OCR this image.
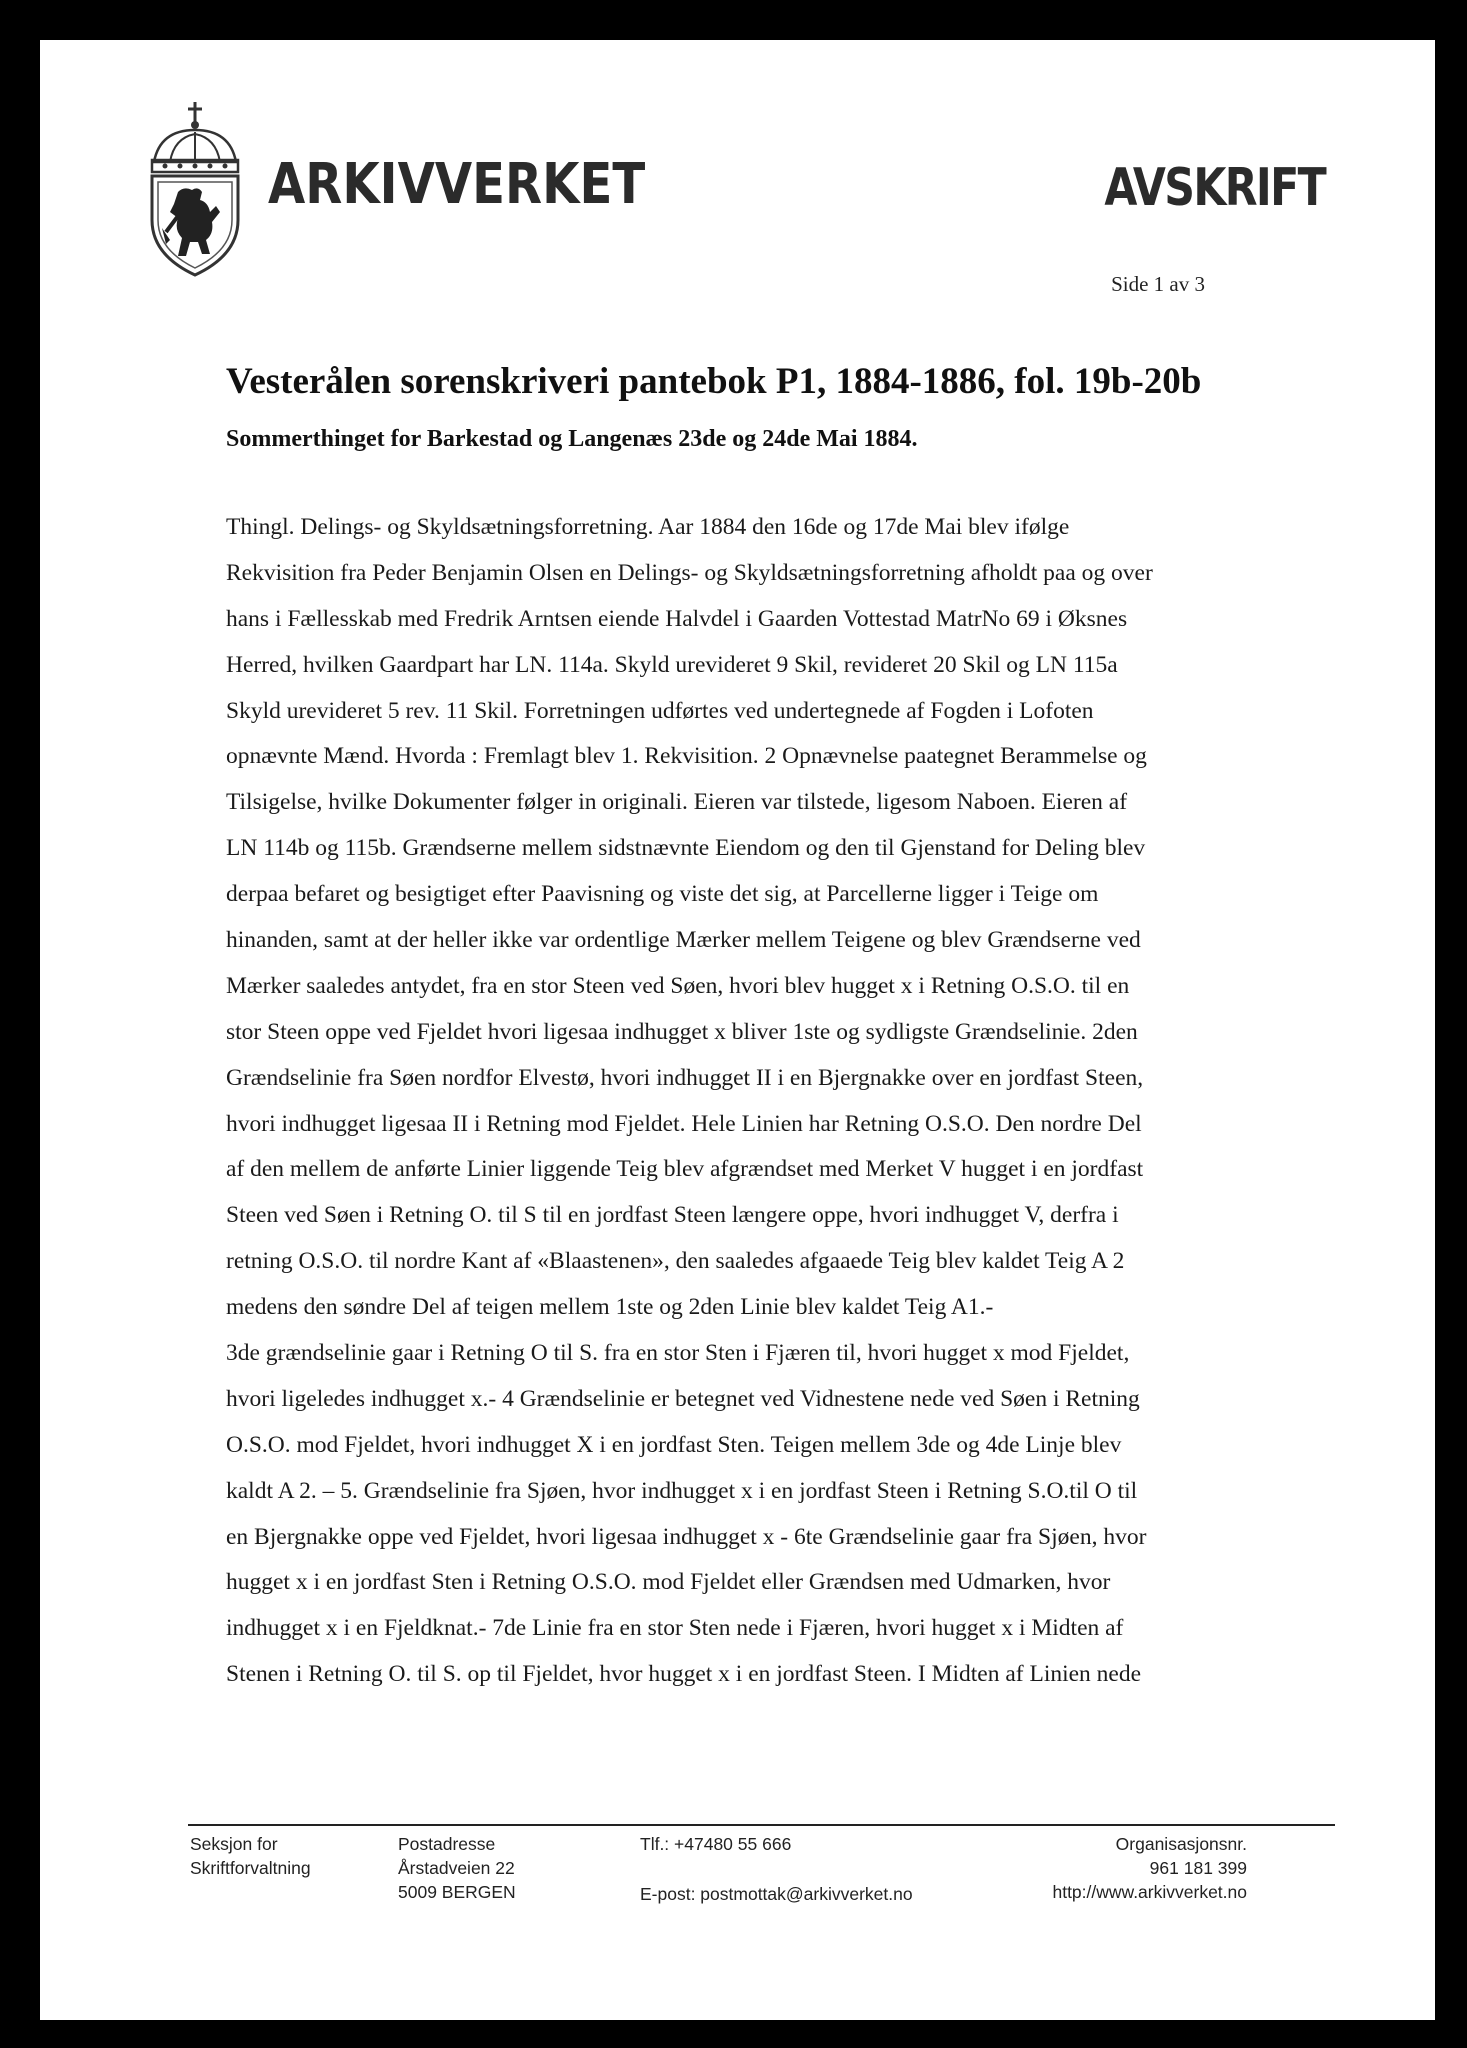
ARKIVVERKET	AVSKRIFT
Side 1 av 3
Vesterålen sorenskriveri pantebok P1, 1884-1886, fol. 19b-20b
Sommerthinget for Barkestad og Langenæs 23de og 24de Mai 1884.
Thingl. Delings- og Skyldsætningsforretning. Aar 1884 den 16de og 17de Mai blev ifølge
Rekvisition fra Peder Benjamin Olsen en Delings- og Skyldsætningsforretning afholdt paa og over
hans i Fællesskab med Fredrik Arntsen eiende Halvdel i Gaarden Vottestad MatrNo 69 i Øksnes
Herred, hvilken Gaardpart har LN. 114a. Skyld urevideret 9 Skil, revideret 20 Skil og LN 115a
Skyld urevideret 5 rev. 11 Skil. Forretningen udførtes ved undertegnede af Fogden i Lofoten
opnævnte Mænd. Hvorda : Fremlagt blev 1. Rekvisition. 2 Opnævnelse paategnet Berammelse og
Tilsigelse, hvilke Dokumenter følger in originali. Eieren var tilstede, ligesom Naboen. Eieren af
LN 114b og 115b. Grændserne mellem sidstnævnte Eiendom og den til Gjenstand for Deling blev
derpaa befaret og besigtiget efter Paavisning og viste det sig, at Parcellerne ligger i Teige om
hinanden, samt at der heller ikke var ordentlige Mærker mellem Teigene og blev Grændserne ved
Mærker saaledes antydet, fra en stor Steen ved Søen, hvori blev hugget x i Retning O.S.O. til en
stor Steen oppe ved Fjeldet hvori ligesaa indhugget x bliver 1ste og sydligste Grændselinie. 2den
Grændselinie fra Søen nordfor Elvestø, hvori indhugget II i en Bjergnakke over en jordfast Steen,
hvori indhugget ligesaa II i Retning mod Fjeldet. Hele Linien har Retning O.S.O. Den nordre Del
af den mellem de anførte Linier liggende Teig blev afgrændset med Merket V hugget i en jordfast
Steen ved Søen i Retning O. til S til en jordfast Steen længere oppe, hvori indhugget V, derfra i
retning O.S.O. til nordre Kant af «Blaastenen», den saaledes afgaaede Teig blev kaldet Teig A 2
medens den søndre Del af teigen mellem 1ste og 2den Linie blev kaldet Teig A1.-
3de grændselinie gaar i Retning O til S. fra en stor Sten i Fjæren til, hvori hugget x mod Fjeldet,
hvori ligeledes indhugget x.- 4 Grændselinie er betegnet ved Vidnestene nede ved Søen i Retning
O.S.O. mod Fjeldet, hvori indhugget X i en jordfast Sten. Teigen mellem 3de og 4de Linje blev
kaldt A 2. – 5. Grændselinie fra Sjøen, hvor indhugget x i en jordfast Steen i Retning S.O.til O til
en Bjergnakke oppe ved Fjeldet, hvori ligesaa indhugget x - 6te Grændselinie gaar fra Sjøen, hvor
hugget x i en jordfast Sten i Retning O.S.O. mod Fjeldet eller Grændsen med Udmarken, hvor
indhugget x i en Fjeldknat.- 7de Linie fra en stor Sten nede i Fjæren, hvori hugget x i Midten af
Stenen i Retning O. til S. op til Fjeldet, hvor hugget x i en jordfast Steen. I Midten af Linien nede
Seksjon for
Skriftforvaltning
Postadresse
Årstadveien 22
5009 BERGEN
Tlf.: +47480 55 666
E-post: postmottak@arkivverket.no
Organisasjonsnr.
961 181 399
http://www.arkivverket.no
